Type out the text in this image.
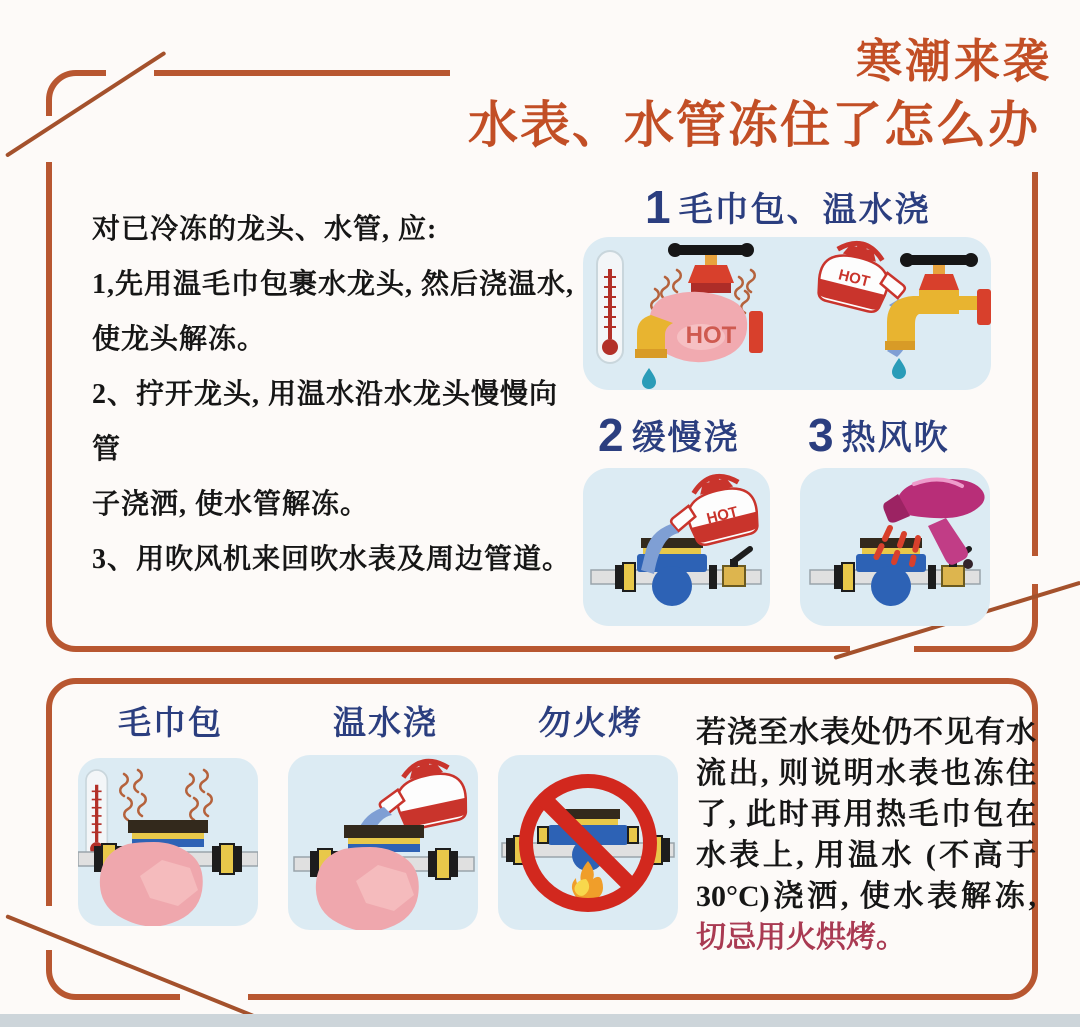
寒潮来袭
水表、水管冻住了怎么办
对已冷冻的龙头、水管, 应:
1,先用温毛巾包裹水龙头, 然后浇温水,
使龙头解冻。
2、拧开龙头, 用温水沿水龙头慢慢向管
子浇洒, 使水管解冻。
3、用吹风机来回吹水表及周边管道。
1 毛巾包、温水浇
HOT
HOT
2 缓慢浇 3 热风吹
HOT
毛巾包	温水浇	勿火烤 若浇至水表处仍不见有水流出, 则说明水表也冻住了, 此时再用热毛巾包在水表上, 用温水 (不高于30°C)浇洒, 使水表解冻, 切忌用火烘烤。
